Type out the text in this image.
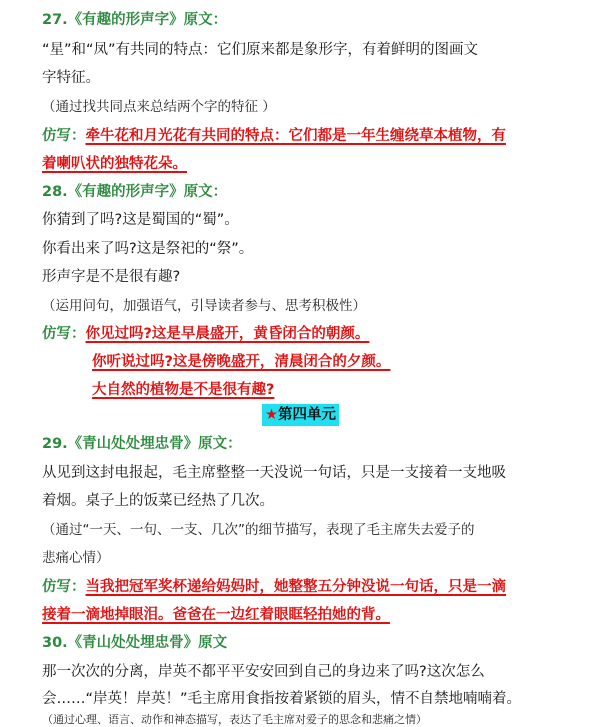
27.《有趣的形声字》原文：
“星”和“凤”有共同的特点：它们原来都是象形字，有着鲜明的图画文
字特征。
（通过找共同点来总结两个字的特征 ）
仿写：牵牛花和月光花有共同的特点：它们都是一年生缠绕草本植物，有
着喇叭状的独特花朵。
28.《有趣的形声字》原文：
你猜到了吗?这是蜀国的“蜀”。
你看出来了吗?这是祭祀的“祭”。
形声字是不是很有趣?
（运用问句，加强语气，引导读者参与、思考积极性）
仿写：你见过吗?这是早晨盛开，黄昏闭合的朝颜。
你听说过吗?这是傍晚盛开，清晨闭合的夕颜。
大自然的植物是不是很有趣?
★第四单元
29.《青山处处埋忠骨》原文：
从见到这封电报起，毛主席整整一天没说一句话，只是一支接着一支地吸
着烟。桌子上的饭菜已经热了几次。
（通过“一天、一句、一支、几次”的细节描写，表现了毛主席失去爱子的
悲痛心情）
仿写：当我把冠军奖杯递给妈妈时，她整整五分钟没说一句话，只是一滴
接着一滴地掉眼泪。爸爸在一边红着眼眶轻拍她的背。
30.《青山处处埋忠骨》原文
那一次次的分离，岸英不都平平安安回到自己的身边来了吗?这次怎么
会……“岸英！岸英！”毛主席用食指按着紧锁的眉头，情不自禁地喃喃着。
（通过心理、语言、动作和神态描写，表达了毛主席对爱子的思念和悲痛之情）
